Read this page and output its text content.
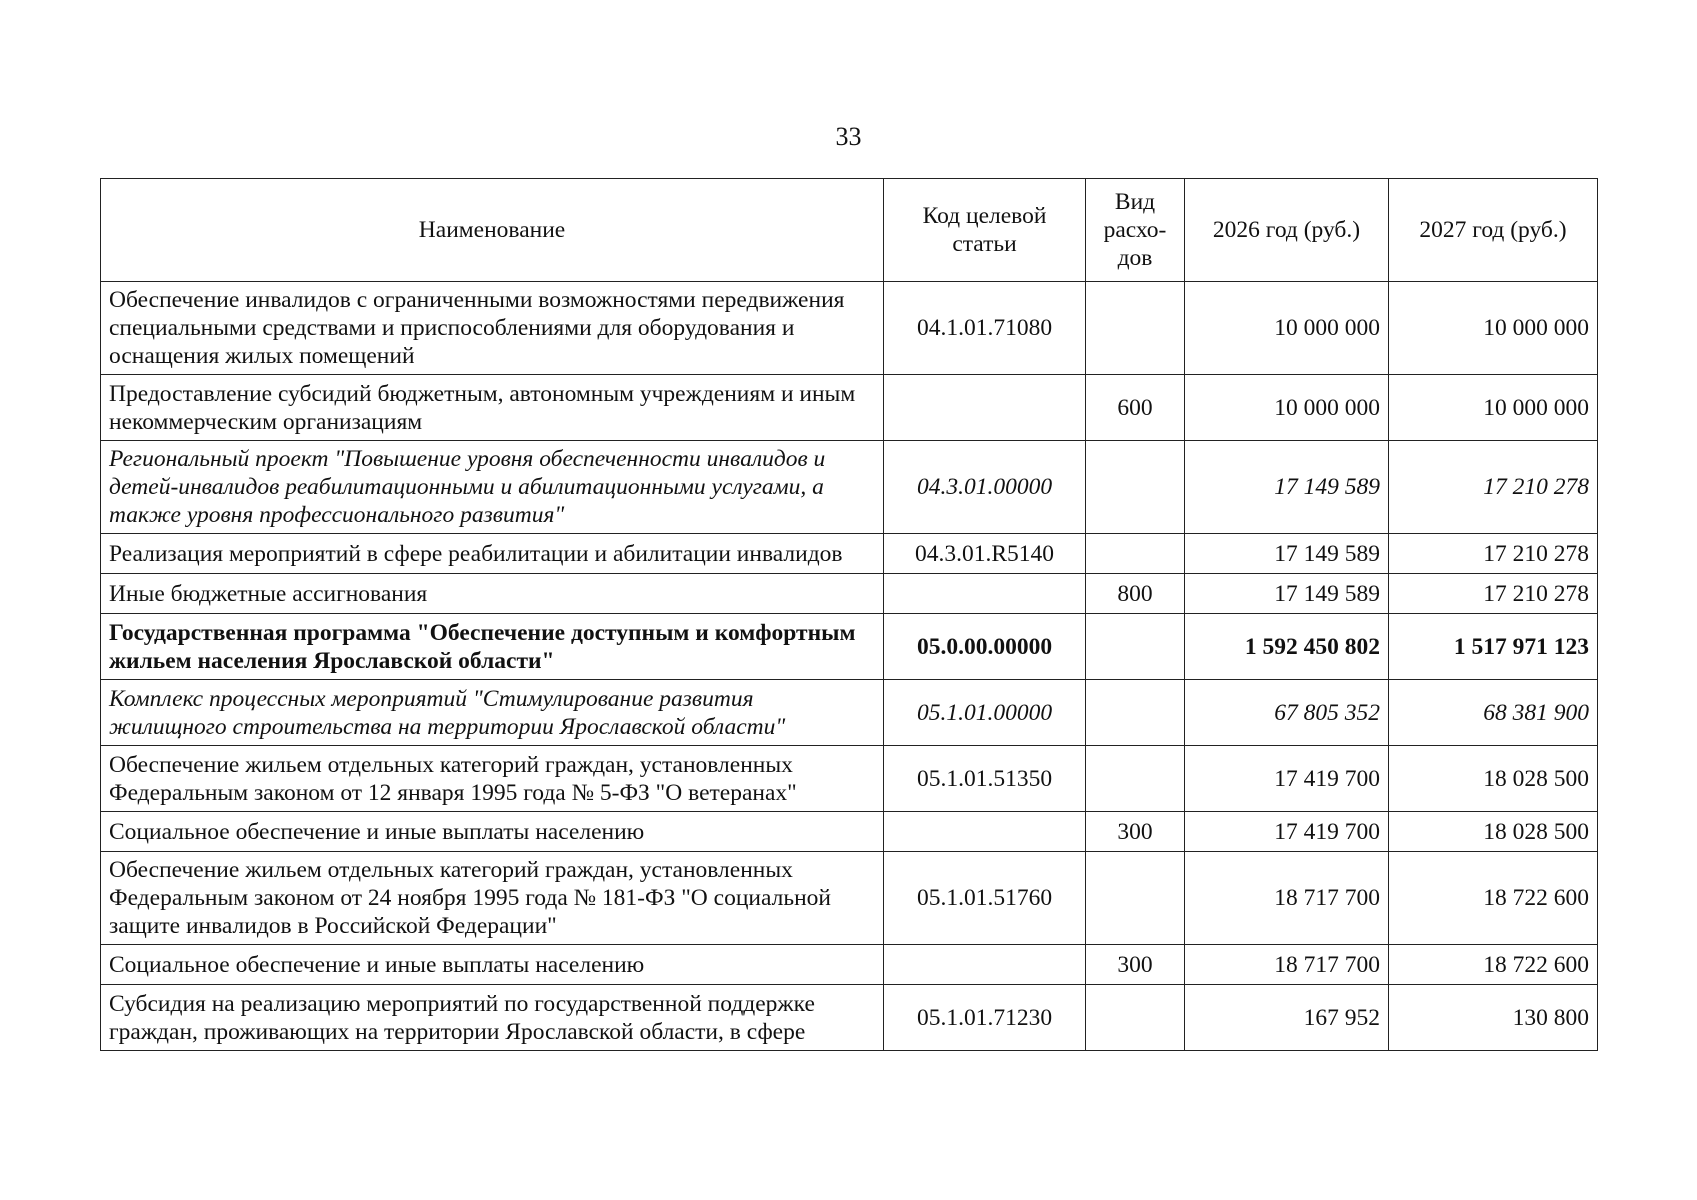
33
Наименование	Код целевой статьи	Вид расхо-дов	2026 год (руб.)	2027 год (руб.)
Обеспечение инвалидов с ограниченными возможностями передвижения специальными средствами и приспособлениями для оборудования и оснащения жилых помещений	04.1.01.71080		10 000 000	10 000 000
Предоставление субсидий бюджетным, автономным учреждениям и иным некоммерческим организациям		600	10 000 000	10 000 000
Региональный проект "Повышение уровня обеспеченности инвалидов и детей-инвалидов реабилитационными и абилитационными услугами, а также уровня профессионального развития"	04.3.01.00000		17 149 589	17 210 278
Реализация мероприятий в сфере реабилитации и абилитации инвалидов	04.3.01.R5140		17 149 589	17 210 278
Иные бюджетные ассигнования		800	17 149 589	17 210 278
Государственная программа "Обеспечение доступным и комфортным жильем населения Ярославской области"	05.0.00.00000		1 592 450 802	1 517 971 123
Комплекс процессных мероприятий "Стимулирование развития жилищного строительства на территории Ярославской области"	05.1.01.00000		67 805 352	68 381 900
Обеспечение жильем отдельных категорий граждан, установленных Федеральным законом от 12 января 1995 года № 5-ФЗ "О ветеранах"	05.1.01.51350		17 419 700	18 028 500
Социальное обеспечение и иные выплаты населению		300	17 419 700	18 028 500
Обеспечение жильем отдельных категорий граждан, установленных Федеральным законом от 24 ноября 1995 года № 181-ФЗ "О социальной защите инвалидов в Российской Федерации"	05.1.01.51760		18 717 700	18 722 600
Социальное обеспечение и иные выплаты населению		300	18 717 700	18 722 600
Субсидия на реализацию мероприятий по государственной поддержке граждан, проживающих на территории Ярославской области, в сфере	05.1.01.71230		167 952	130 800
